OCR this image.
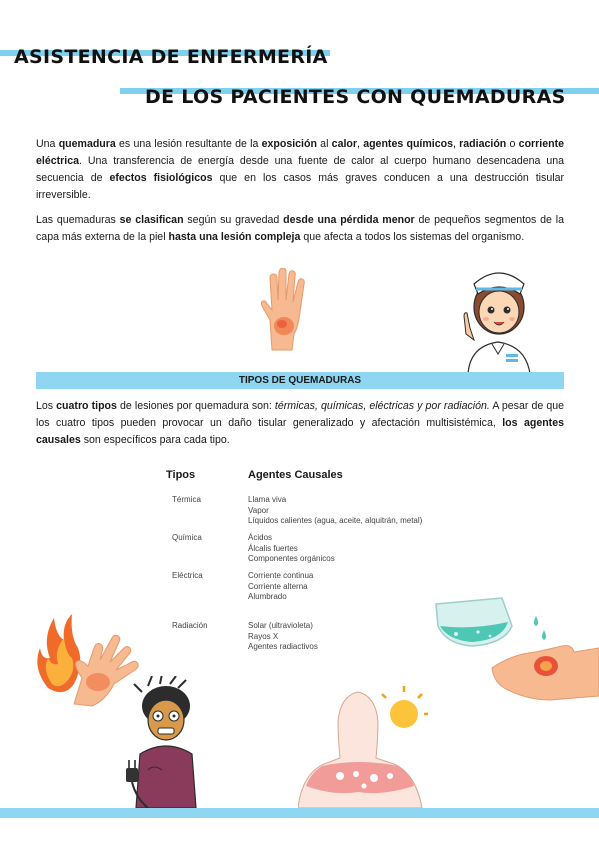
ASISTENCIA DE ENFERMERÍA
DE LOS PACIENTES CON QUEMADURAS

Una quemadura es una lesión resultante de la exposición al calor, agentes químicos, radiación o corriente eléctrica. Una transferencia de energía desde una fuente de calor al cuerpo humano desencadena una secuencia de efectos fisiológicos que en los casos más graves conducen a una destrucción tisular irreversible.

Las quemaduras se clasifican según su gravedad desde una pérdida menor de pequeños segmentos de la capa más externa de la piel hasta una lesión compleja que afecta a todos los sistemas del organismo.

TIPOS DE QUEMADURAS

Los cuatro tipos de lesiones por quemadura son: térmicas, químicas, eléctricas y por radiación. A pesar de que los cuatro tipos pueden provocar un daño tisular generalizado y afectación multisistémica, los agentes causales son específicos para cada tipo.

Tipos	Agentes Causales
Térmica	Llama viva
Vapor
Líquidos calientes (agua, aceite, alquitrán, metal)
Química	Ácidos
Álcalis fuertes
Componentes orgánicos
Eléctrica	Corriente continua
Corriente alterna
Alumbrado
Radiación	Solar (ultravioleta)
Rayos X
Agentes radiactivos
